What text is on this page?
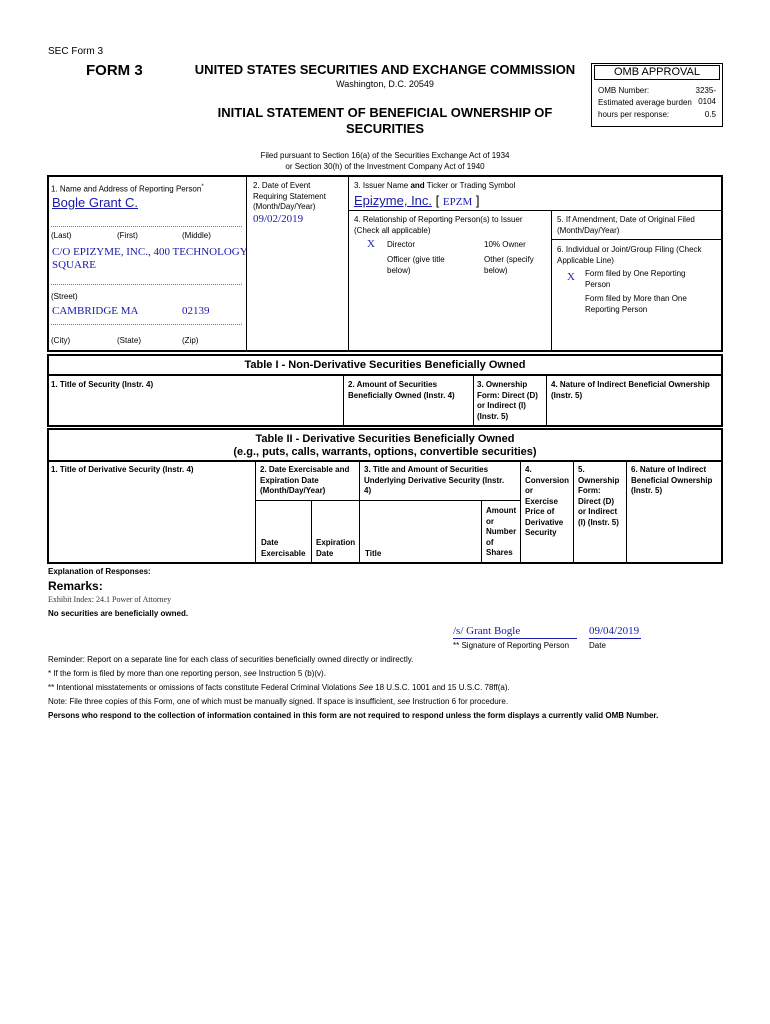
SEC Form 3
FORM 3	UNITED STATES SECURITIES AND EXCHANGE COMMISSION
Washington, D.C. 20549
INITIAL STATEMENT OF BENEFICIAL OWNERSHIP OF
SECURITIES
OMB APPROVAL
OMB Number:	3235-0104
Estimated average burden
hours per response:	0.5
Filed pursuant to Section 16(a) of the Securities Exchange Act of 1934
or Section 30(h) of the Investment Company Act of 1940
1. Name and Address of Reporting Person*
Bogle Grant C.
(Last)	(First)	(Middle)
C/O EPIZYME, INC., 400 TECHNOLOGY
SQUARE
(Street)
CAMBRIDGE MA	02139
(City)	(State)	(Zip)
2. Date of Event
Requiring Statement
(Month/Day/Year)
09/02/2019
3. Issuer Name and Ticker or Trading Symbol
Epizyme, Inc. [ EPZM ]
4. Relationship of Reporting Person(s) to Issuer
(Check all applicable)
X Director	10% Owner
Officer (give title
below)
Other (specify
below)
5. If Amendment, Date of Original Filed
(Month/Day/Year)
6. Individual or Joint/Group Filing (Check
Applicable Line)
X Form filed by One Reporting
Person
Form filed by More than One
Reporting Person
Table I - Non-Derivative Securities Beneficially Owned
1. Title of Security (Instr. 4)	2. Amount of Securities
Beneficially Owned (Instr. 4)
3. Ownership
Form: Direct (D)
or Indirect (I)
(Instr. 5)
4. Nature of Indirect Beneficial Ownership
(Instr. 5)
Table II - Derivative Securities Beneficially Owned
(e.g., puts, calls, warrants, options, convertible securities)
1. Title of Derivative Security (Instr. 4)	2. Date Exercisable and
Expiration Date
(Month/Day/Year)
3. Title and Amount of Securities
Underlying Derivative Security (Instr.
4)
4.
Conversion
or
Exercise
Price of
Derivative
Security
5.
Ownership
Form:
Direct (D)
or Indirect
(I) (Instr. 5)
6. Nature of Indirect
Beneficial Ownership
(Instr. 5)
Date
Exercisable
Expiration
Date	Title
Amount
or
Number
of
Shares
Explanation of Responses:
Remarks:
Exhibit Index: 24.1 Power of Attorney
No securities are beneficially owned.
/s/ Grant Bogle	09/04/2019
** Signature of Reporting Person Date
Reminder: Report on a separate line for each class of securities beneficially owned directly or indirectly.
* If the form is filed by more than one reporting person, see Instruction 5 (b)(v).
** Intentional misstatements or omissions of facts constitute Federal Criminal Violations See 18 U.S.C. 1001 and 15 U.S.C. 78ff(a).
Note: File three copies of this Form, one of which must be manually signed. If space is insufficient, see Instruction 6 for procedure.
Persons who respond to the collection of information contained in this form are not required to respond unless the form displays a currently valid OMB Number.
